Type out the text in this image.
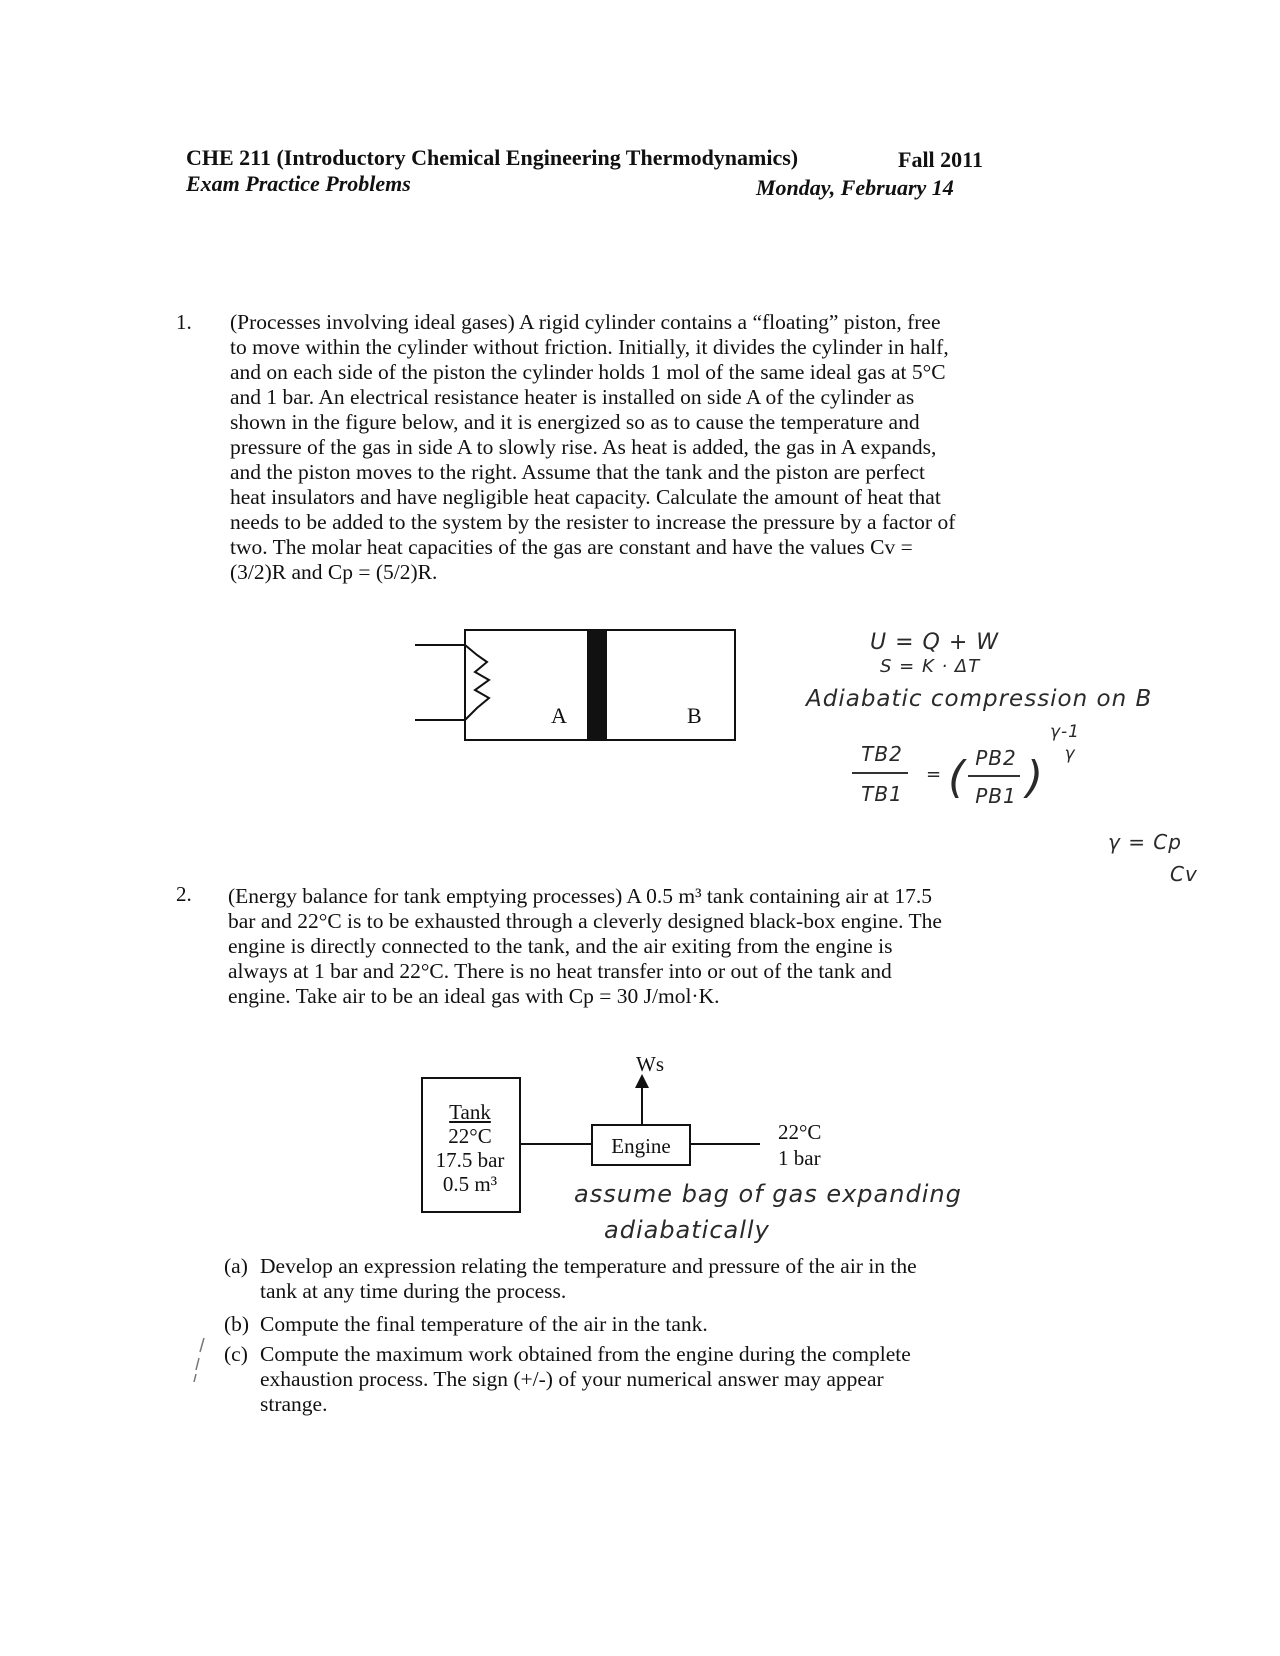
CHE 211 (Introductory Chemical Engineering Thermodynamics)	Fall 2011
Exam Practice Problems	Monday, February 14
1. (Processes involving ideal gases) A rigid cylinder contains a “floating” piston, free
to move within the cylinder without friction. Initially, it divides the cylinder in half,
and on each side of the piston the cylinder holds 1 mol of the same ideal gas at 5°C
and 1 bar. An electrical resistance heater is installed on side A of the cylinder as
shown in the figure below, and it is energized so as to cause the temperature and
pressure of the gas in side A to slowly rise. As heat is added, the gas in A expands,
and the piston moves to the right. Assume that the tank and the piston are perfect
heat insulators and have negligible heat capacity. Calculate the amount of heat that
needs to be added to the system by the resister to increase the pressure by a factor of
two. The molar heat capacities of the gas are constant and have the values Cv =
(3/2)R and Cp = (5/2)R.
A	B
U = Q + W
S = K · ΔT
Adiabatic compression on B
TB2
TB1
= ( PB2
PB1 )
γ-1
γ
γ = Cp
Cv
2. (Energy balance for tank emptying processes) A 0.5 m³ tank containing air at 17.5
bar and 22°C is to be exhausted through a cleverly designed black-box engine. The
engine is directly connected to the tank, and the air exiting from the engine is
always at 1 bar and 22°C. There is no heat transfer into or out of the tank and
engine. Take air to be an ideal gas with Cp = 30 J/mol·K.
Ws
Tank
22°C
17.5 bar
0.5 m³
Engine
22°C
1 bar
assume bag of gas expanding
adiabatically
(a) Develop an expression relating the temperature and pressure of the air in the
tank at any time during the process.
(b) Compute the final temperature of the air in the tank.
(c) Compute the maximum work obtained from the engine during the complete
exhaustion process. The sign (+/-) of your numerical answer may appear
strange.
